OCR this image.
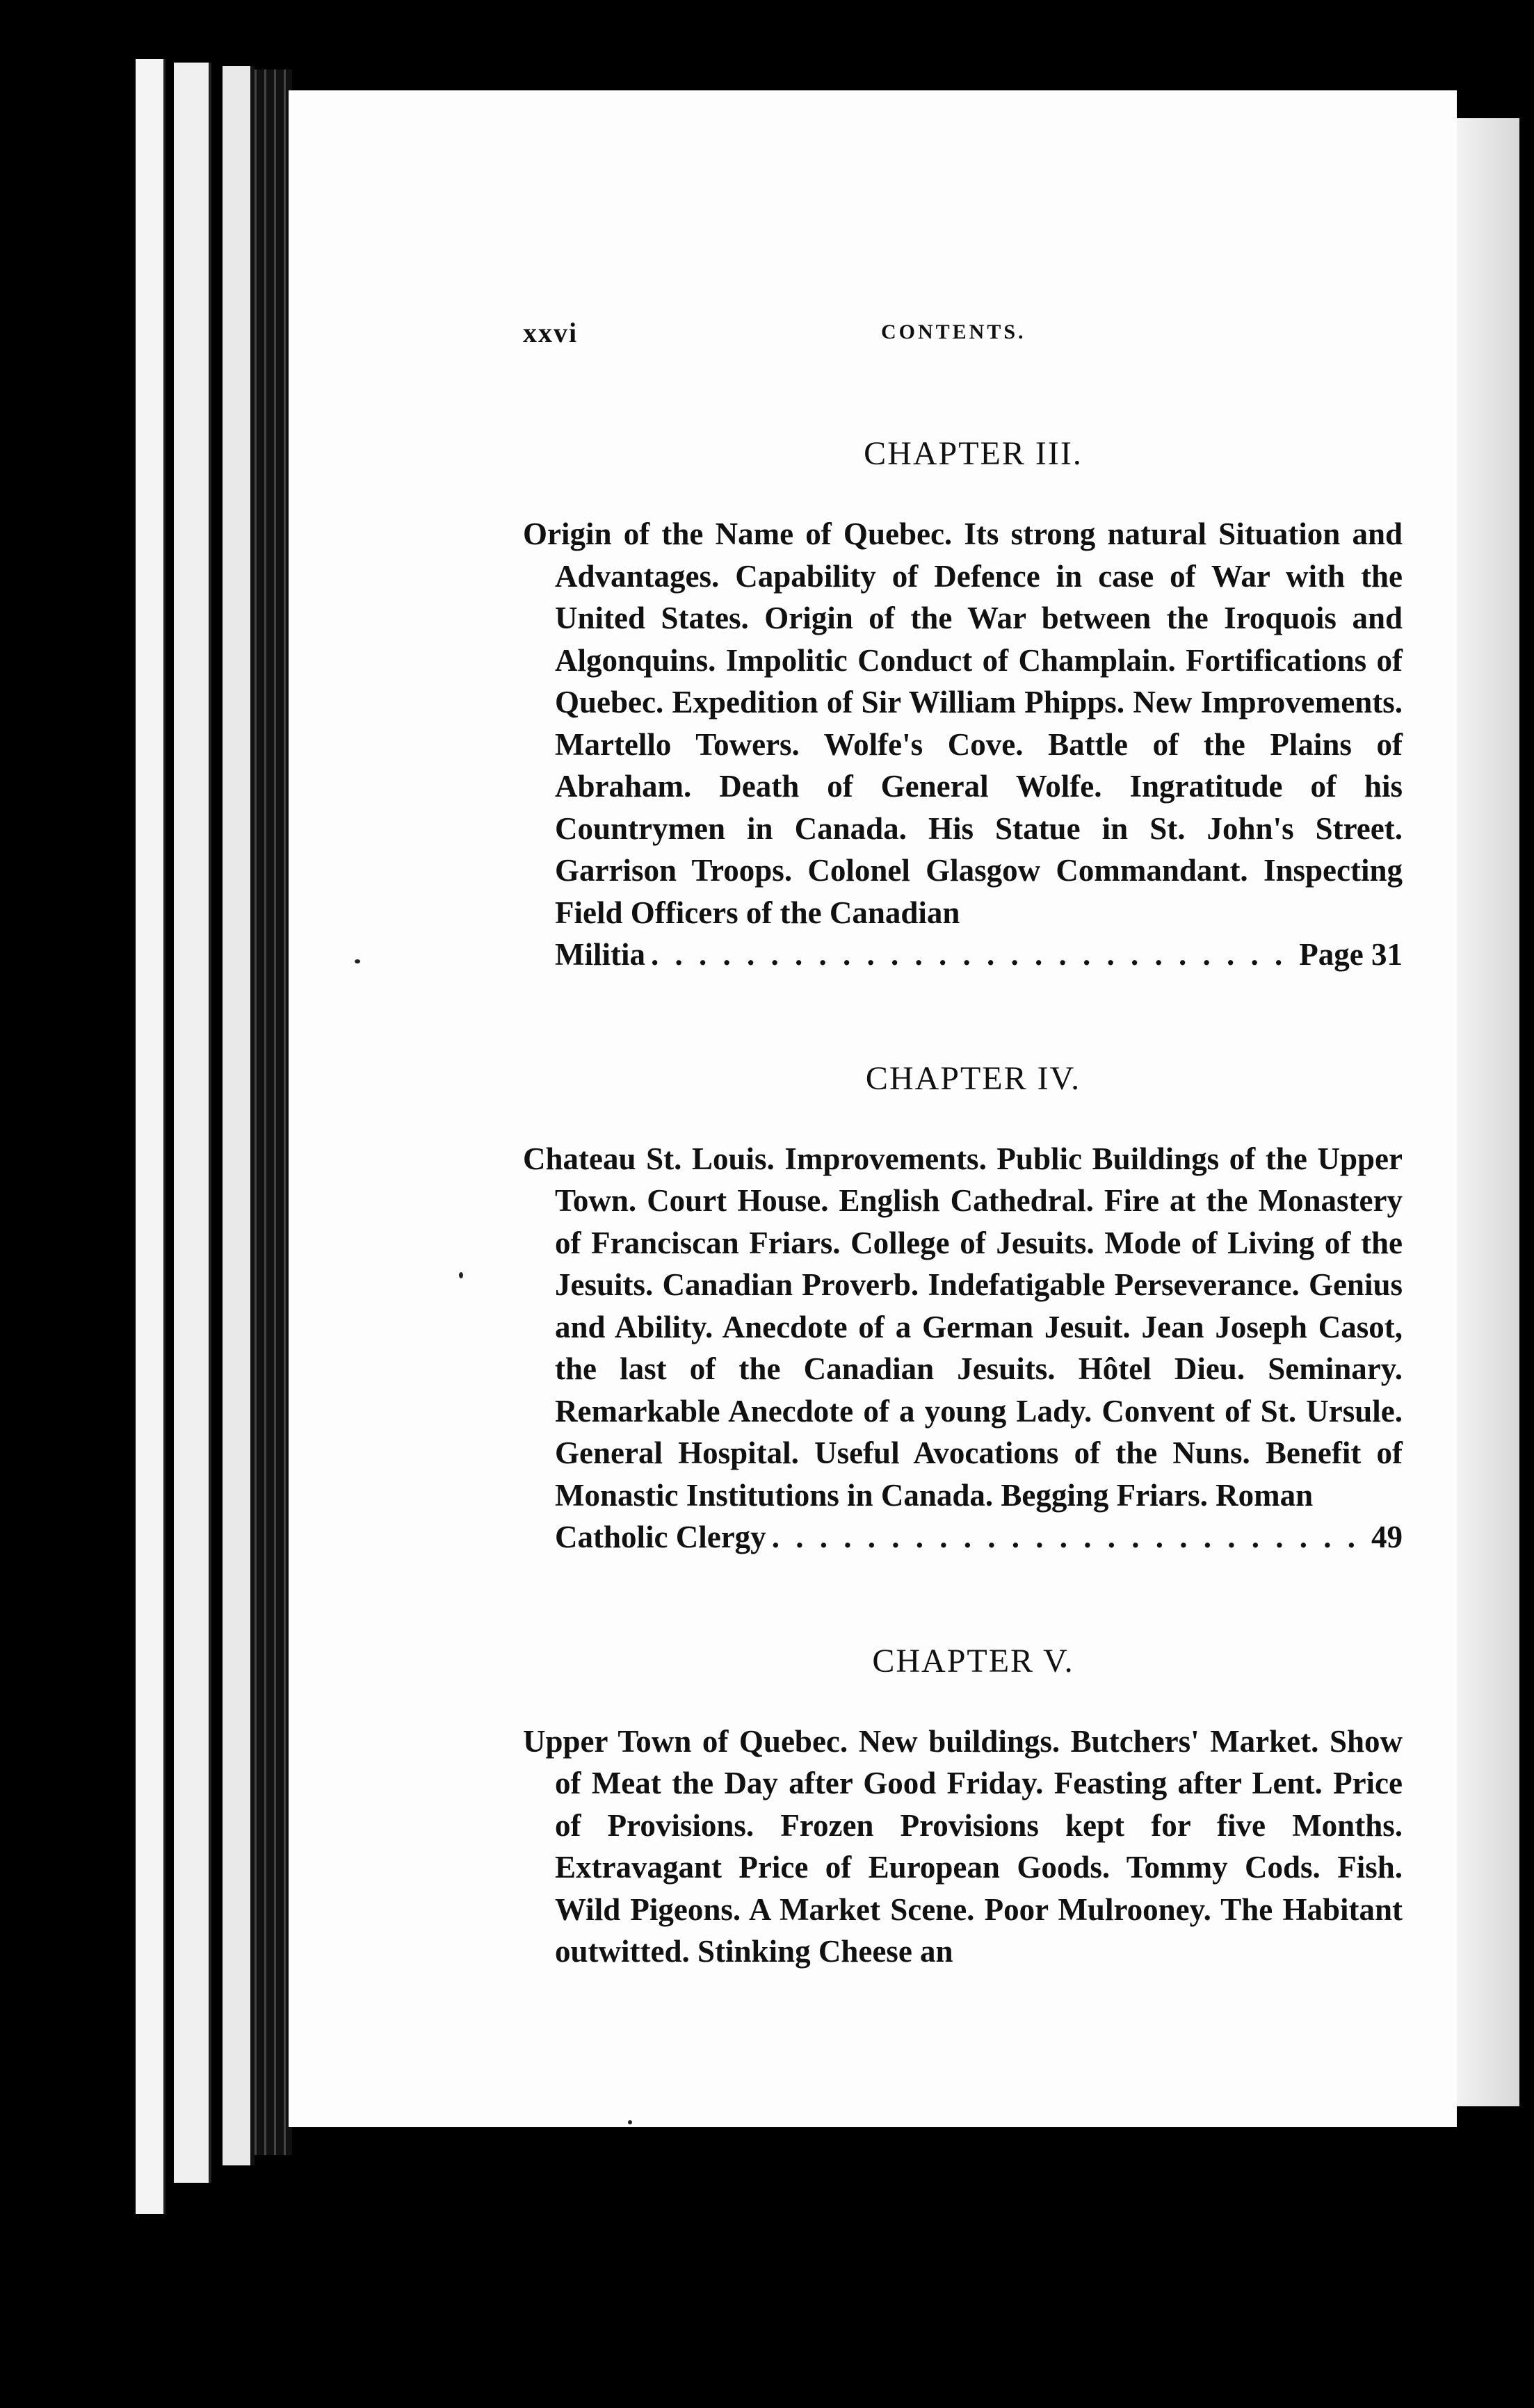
xxvi	CONTENTS.
CHAPTER III.
Origin of the Name of Quebec. Its strong natural Situation and Advantages. Capability of Defence in case of War with the United States. Origin of the War between the Iroquois and Algonquins. Impolitic Conduct of Champlain. Fortifications of Quebec. Expedition of Sir William Phipps. New Improvements. Martello Towers. Wolfe's Cove. Battle of the Plains of Abraham. Death of General Wolfe. Ingratitude of his Countrymen in Canada. His Statue in St. John's Street. Garrison Troops. Colonel Glasgow Commandant. Inspecting Field Officers of the Canadian
Militia . . .	Page 31
CHAPTER IV.
Chateau St. Louis. Improvements. Public Buildings of the Upper Town. Court House. English Cathedral. Fire at the Monastery of Franciscan Friars. College of Jesuits. Mode of Living of the Jesuits. Canadian Proverb. Indefatigable Perseverance. Genius and Ability. Anecdote of a German Jesuit. Jean Joseph Casot, the last of the Canadian Jesuits. Hôtel Dieu. Seminary. Remarkable Anecdote of a young Lady. Convent of St. Ursule. General Hospital. Useful Avocations of the Nuns. Benefit of Monastic Institutions in Canada. Begging Friars. Roman
Catholic Clergy . . .	49
CHAPTER V.
Upper Town of Quebec. New buildings. Butchers' Market. Show of Meat the Day after Good Friday. Feasting after Lent. Price of Provisions. Frozen Provisions kept for five Months. Extravagant Price of European Goods. Tommy Cods. Fish. Wild Pigeons. A Market Scene. Poor Mulrooney. The Habitant outwitted. Stinking Cheese an
